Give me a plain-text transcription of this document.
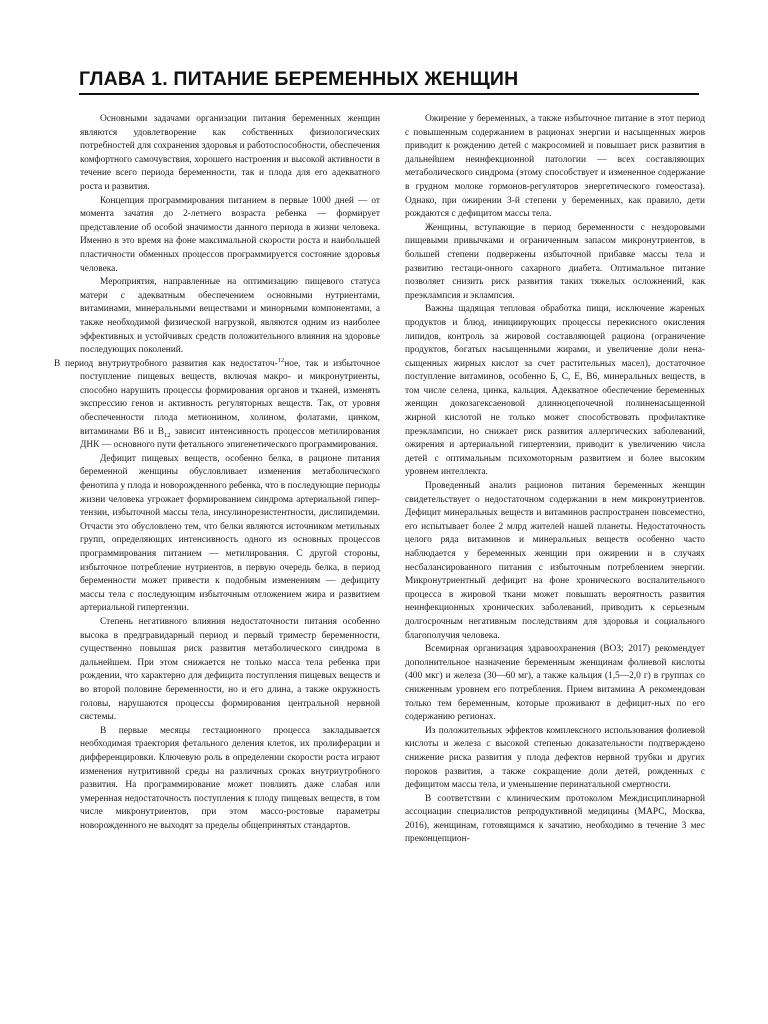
ГЛАВА 1. ПИТАНИЕ БЕРЕМЕННЫХ ЖЕНЩИН

Основными задачами организации питания беременных женщин являются удовлетворение как собственных физиологических потребностей для сохранения здоровья и работоспособности, обеспечения комфортного самочувствия, хорошего настроения и высокой активности в течение всего периода беременности, так и плода для его адекватного роста и развития.

Концепция программирования питанием в первые 1000 дней — от момента зачатия до 2-летнего возраста ребенка — формирует представление об особой значимости данного периода в жизни человека. Именно в это время на фоне максимальной скорости роста и наибольшей пластичности обменных процессов программируется состояние здоровья человека.

Мероприятия, направленные на оптимизацию пищевого статуса матери с адекватным обеспечением основными нутриентами, витаминами, минеральными веществами и минорными компонентами, а также необходимой физической нагрузкой, являются одним из наиболее эффективных и устойчивых средств положительного влияния на здоровье последующих поколений.

В период внутриутробного развития как недостаточ-$^{12}$ное, так и избыточное поступление пищевых веществ, включая макро- и микронутриенты, способно нарушить процессы формирования органов и тканей, изменять экспрессию генов и активность регуляторных веществ. Так, от уровня обеспеченности плода метионином, холином, фолатами, цинком, витаминами B6 и $B_{12}$ зависит интенсивность процессов метилирования ДНК — основного пути фетального эпигенетического программирования.

Дефицит пищевых веществ, особенно белка, в рационе питания беременной женщины обусловливает изменения метаболического фенотипа у плода и новорожденного ребенка, что в последующие периоды жизни человека угрожает формированием синдрома артериальной гипер-тензии, избыточной массы тела, инсулинорезистентности, дислипидемии. Отчасти это обусловлено тем, что белки являются источником метильных групп, определяющих интенсивность одного из основных процессов программирования питанием — метилирования. С другой стороны, избыточное потребление нутриентов, в первую очередь белка, в период беременности может привести к подобным изменениям — дефициту массы тела с последующим избыточным отложением жира и развитием артериальной гипертензии.

Степень негативного влияния недостаточности питания особенно высока в предгравидарный период и первый триместр беременности, существенно повышая риск развития метаболического синдрома в дальнейшем. При этом снижается не только масса тела ребенка при рождении, что характерно для дефицита поступления пищевых веществ и во второй половине беременности, но и его длина, а также окружность головы, нарушаются процессы формирования центральной нервной системы.

В первые месяцы гестационного процесса закладывается необходимая траектория фетального деления клеток, их пролиферации и дифференцировки. Ключевую роль в определении скорости роста играют изменения нутритивной среды на различных сроках внутриутробного развития. На программирование может повлиять даже слабая или умеренная недостаточность поступления к плоду пищевых веществ, в том числе микронутриентов, при этом массо-ростовые параметры новорожденного не выходят за пределы общепринятых стандартов.

Ожирение у беременных, а также избыточное питание в этот период с повышенным содержанием в рационах энергии и насыщенных жиров приводит к рождению детей с макросомией и повышает риск развития в дальнейшем неинфекционной патологии — всех составляющих метаболического синдрома (этому способствует и измененное содержание в грудном молоке гормонов-регуляторов энергетического гомеостаза). Однако, при ожирении 3-й степени у беременных, как правило, дети рождаются с дефицитом массы тела.

Женщины, вступающие в период беременности с нездоровыми пищевыми привычками и ограниченным запасом микронутриентов, в большей степени подвержены избыточной прибавке массы тела и развитию гестаци-онного сахарного диабета. Оптимальное питание позволяет снизить риск развития таких тяжелых осложнений, как преэклампсия и эклампсия.

Важны щадящая тепловая обработка пищи, исключение жареных продуктов и блюд, инициирующих процессы перекисного окисления липидов, контроль за жировой составляющей рациона (ограничение продуктов, богатых насыщенными жирами, и увеличение доли нена-сыщенных жирных кислот за счет растительных масел), достаточное поступление витаминов, особенно Б, С, Е, В6, минеральных веществ, в том числе селена, цинка, кальция. Адекватное обеспечение беременных женщин докозагексаеновой длинноцепочечной полиненасыщенной жирной кислотой не только может способствовать профилактике преэклампсии, но снижает риск развития аллергических заболеваний, ожирения и артериальной гипертензии, приводит к увеличению числа детей с оптимальным психомоторным развитием и более высоким уровнем интеллекта.

Проведенный анализ рационов питания беременных женщин свидетельствует о недостаточном содержании в нем микронутриентов. Дефицит минеральных веществ и витаминов распространен повсеместно, его испытывает более 2 млрд жителей нашей планеты. Недостаточность целого ряда витаминов и минеральных веществ особенно часто наблюдается у беременных женщин при ожирении и в случаях несбалансированного питания с избыточным потреблением энергии. Микронутриентный дефицит на фоне хронического воспалительного процесса в жировой ткани может повышать вероятность развития неинфекционных хронических заболеваний, приводить к серьезным долгосрочным негативным последствиям для здоровья и социального благополучия человека.

Всемирная организация здравоохранения (ВОЗ; 2017) рекомендует дополнительное назначение беременным женщинам фолиевой кислоты (400 мкг) и железа (30—60 мг), а также кальция (1,5—2,0 г) в группах со сниженным уровнем его потребления. Прием витамина А рекомендован только тем беременным, которые проживают в дефицит-ных по его содержанию регионах.

Из положительных эффектов комплексного использования фолиевой кислоты и железа с высокой степенью доказательности подтверждено снижение риска развития у плода дефектов нервной трубки и других пороков развития, а также сокращение доли детей, рожденных с дефицитом массы тела, и уменьшение перинатальной смертности.

В соответствии с клиническим протоколом Междисциплинарной ассоциации специалистов репродуктивной медицины (МАРС, Москва, 2016), женщинам, готовящимся к зачатию, необходимо в течение 3 мес преконцепцион-
